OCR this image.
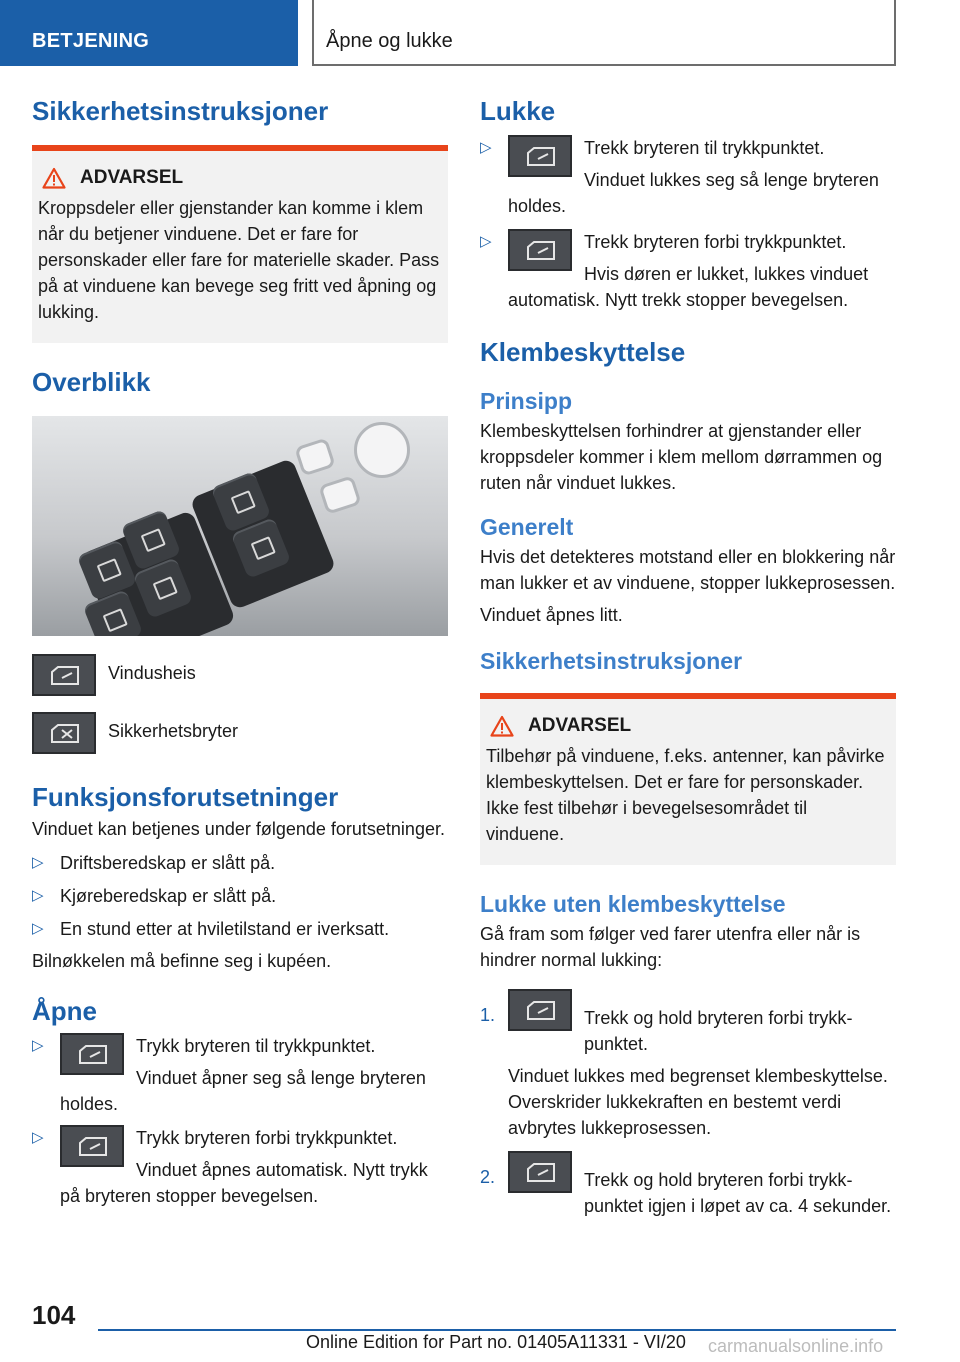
BETJENING	Åpne og lukke
Sikkerhetsinstruksjoner
ADVARSEL

Kroppsdeler eller gjenstander kan komme i klem når du betjener vinduene. Det er fare for personskader eller fare for materielle skader. Pass på at vinduene kan bevege seg fritt ved åpning og lukking.

Overblikk

Vindusheis

Sikkerhetsbryter

Funksjonsforutsetninger

Vinduet kan betjenes under følgende forutsetninger.

▷ Driftsberedskap er slått på.
▷ Kjøreberedskap er slått på.
▷ En stund etter at hviletilstand er iverksatt.

Bilnøkkelen må befinne seg i kupéen.

Åpne
▷	Trykk bryteren til trykkpunktet.

Vinduet åpner seg så lenge bryteren holdes.

▷	Trykk bryteren forbi trykkpunktet.

Vinduet åpnes automatisk. Nytt trykk på bryteren stopper bevegelsen.

Lukke
▷	Trekk bryteren til trykkpunktet.

Vinduet lukkes seg så lenge bryteren holdes.

▷	Trekk bryteren forbi trykkpunktet.

Hvis døren er lukket, lukkes vinduet automatisk. Nytt trekk stopper bevegelsen.

Klembeskyttelse
Prinsipp

Klembeskyttelsen forhindrer at gjenstander eller kroppsdeler kommer i klem mellom dørrammen og ruten når vinduet lukkes.

Generelt

Hvis det detekteres motstand eller en blokkering når man lukker et av vinduene, stopper lukkeprosessen.

Vinduet åpnes litt.

Sikkerhetsinstruksjoner
ADVARSEL

Tilbehør på vinduene, f.eks. antenner, kan påvirke klembeskyttelsen. Det er fare for personskader. Ikke fest tilbehør i bevegelsesområdet til vinduene.

Lukke uten klembeskyttelse

Gå fram som følger ved farer utenfra eller når is hindrer normal lukking:

1.	Trekk og hold bryteren forbi trykkpunktet.

Vinduet lukkes med begrenset klembeskyttelse. Overskrider lukkekraften en bestemt verdi avbrytes lukkeprosessen.

2.	Trekk og hold bryteren forbi trykkpunktet igjen i løpet av ca. 4 sekunder.

104
Online Edition for Part no. 01405A11331 - VI/20 carmanualsonline.info
